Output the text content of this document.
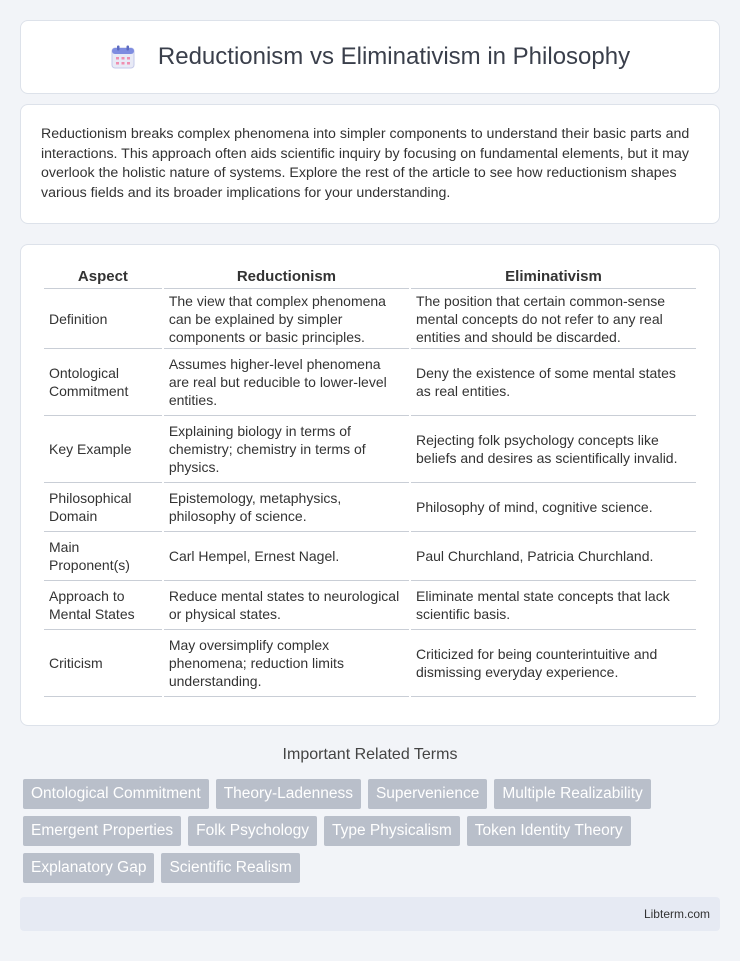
Reductionism vs Eliminativism in Philosophy

Reductionism breaks complex phenomena into simpler components to understand their basic parts and interactions. This approach often aids scientific inquiry by focusing on fundamental elements, but it may overlook the holistic nature of systems. Explore the rest of the article to see how reductionism shapes various fields and its broader implications for your understanding.

Aspect	Reductionism	Eliminativism
Definition	The view that complex phenomena can be explained by simpler components or basic principles.	The position that certain common-sense mental concepts do not refer to any real entities and should be discarded.
Ontological Commitment	Assumes higher-level phenomena are real but reducible to lower-level entities.	Deny the existence of some mental states as real entities.
Key Example	Explaining biology in terms of chemistry; chemistry in terms of physics.	Rejecting folk psychology concepts like beliefs and desires as scientifically invalid.
Philosophical Domain	Epistemology, metaphysics, philosophy of science.	Philosophy of mind, cognitive science.
Main Proponent(s)	Carl Hempel, Ernest Nagel.	Paul Churchland, Patricia Churchland.
Approach to Mental States	Reduce mental states to neurological or physical states.	Eliminate mental state concepts that lack scientific basis.
Criticism	May oversimplify complex phenomena; reduction limits understanding.	Criticized for being counterintuitive and dismissing everyday experience.
Important Related Terms
Ontological Commitment	Theory-Ladenness	Supervenience	Multiple Realizability
Emergent Properties	Folk Psychology	Type Physicalism	Token Identity Theory
Explanatory Gap	Scientific Realism
Libterm.com
